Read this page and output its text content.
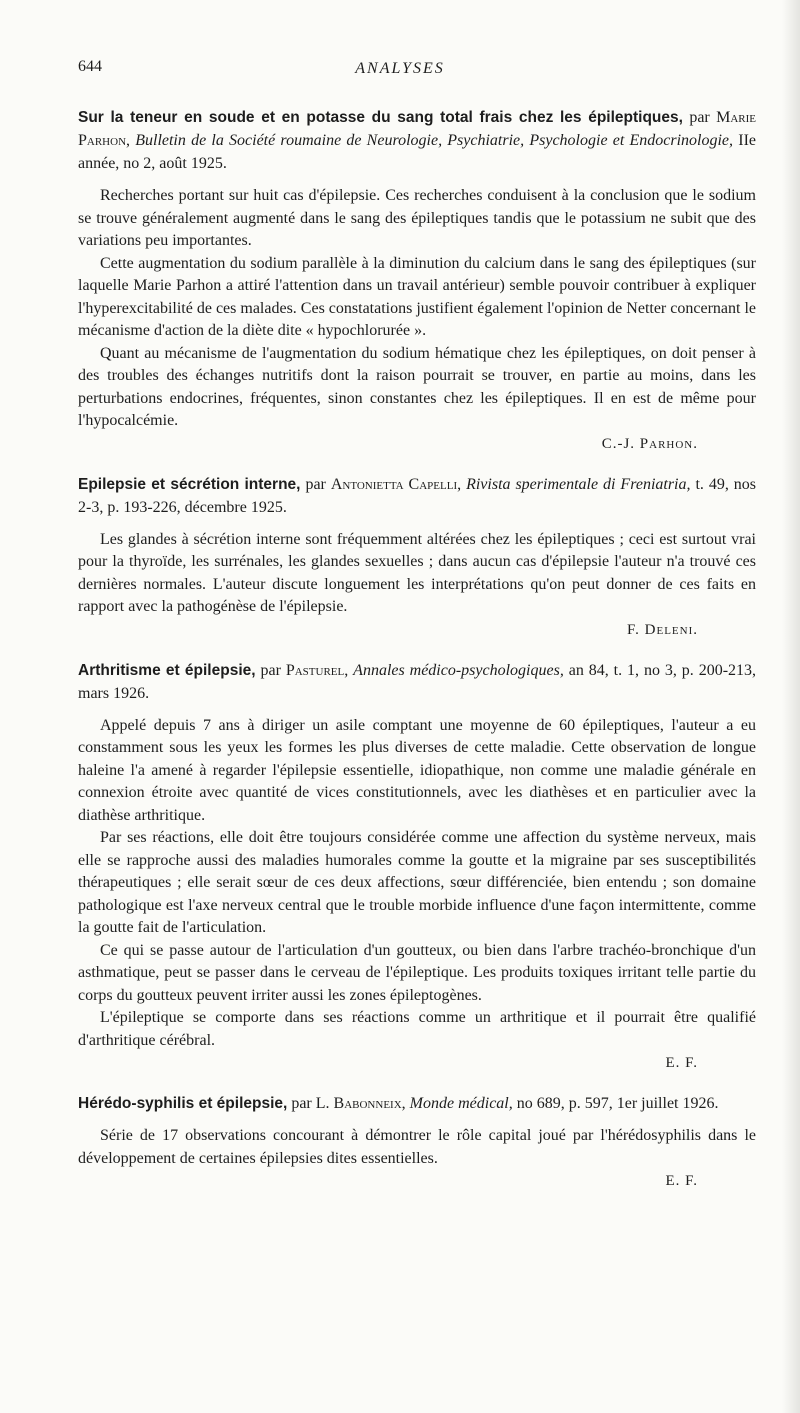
644	ANALYSES
Sur la teneur en soude et en potasse du sang total frais chez les épileptiques, par Marie Parhon, Bulletin de la Société roumaine de Neurologie, Psychiatrie, Psychologie et Endocrinologie, IIe année, no 2, août 1925.

Recherches portant sur huit cas d'épilepsie. Ces recherches conduisent à la conclusion que le sodium se trouve généralement augmenté dans le sang des épileptiques tandis que le potassium ne subit que des variations peu importantes.

Cette augmentation du sodium parallèle à la diminution du calcium dans le sang des épileptiques (sur laquelle Marie Parhon a attiré l'attention dans un travail antérieur) semble pouvoir contribuer à expliquer l'hyperexcitabilité de ces malades. Ces constatations justifient également l'opinion de Netter concernant le mécanisme d'action de la diète dite « hypochlorurée ».

Quant au mécanisme de l'augmentation du sodium hématique chez les épileptiques, on doit penser à des troubles des échanges nutritifs dont la raison pourrait se trouver, en partie au moins, dans les perturbations endocrines, fréquentes, sinon constantes chez les épileptiques. Il en est de même pour l'hypocalcémie.

C.-J. Parhon.
Epilepsie et sécrétion interne, par Antonietta Capelli, Rivista sperimentale di Freniatria, t. 49, nos 2-3, p. 193-226, décembre 1925.

Les glandes à sécrétion interne sont fréquemment altérées chez les épileptiques ; ceci est surtout vrai pour la thyroïde, les surrénales, les glandes sexuelles ; dans aucun cas d'épilepsie l'auteur n'a trouvé ces dernières normales. L'auteur discute longuement les interprétations qu'on peut donner de ces faits en rapport avec la pathogénèse de l'épilepsie.

F. Deleni.
Arthritisme et épilepsie, par Pasturel, Annales médico-psychologiques, an 84, t. 1, no 3, p. 200-213, mars 1926.

Appelé depuis 7 ans à diriger un asile comptant une moyenne de 60 épileptiques, l'auteur a eu constamment sous les yeux les formes les plus diverses de cette maladie. Cette observation de longue haleine l'a amené à regarder l'épilepsie essentielle, idiopathique, non comme une maladie générale en connexion étroite avec quantité de vices constitutionnels, avec les diathèses et en particulier avec la diathèse arthritique.

Par ses réactions, elle doit être toujours considérée comme une affection du système nerveux, mais elle se rapproche aussi des maladies humorales comme la goutte et la migraine par ses susceptibilités thérapeutiques ; elle serait sœur de ces deux affections, sœur différenciée, bien entendu ; son domaine pathologique est l'axe nerveux central que le trouble morbide influence d'une façon intermittente, comme la goutte fait de l'articulation.

Ce qui se passe autour de l'articulation d'un goutteux, ou bien dans l'arbre trachéo-bronchique d'un asthmatique, peut se passer dans le cerveau de l'épileptique. Les produits toxiques irritant telle partie du corps du goutteux peuvent irriter aussi les zones épileptogènes.

L'épileptique se comporte dans ses réactions comme un arthritique et il pourrait être qualifié d'arthritique cérébral.

E. F.
Hérédo-syphilis et épilepsie, par L. Babonneix, Monde médical, no 689, p. 597, 1er juillet 1926.

Série de 17 observations concourant à démontrer le rôle capital joué par l'hérédosyphilis dans le développement de certaines épilepsies dites essentielles.

E. F.
